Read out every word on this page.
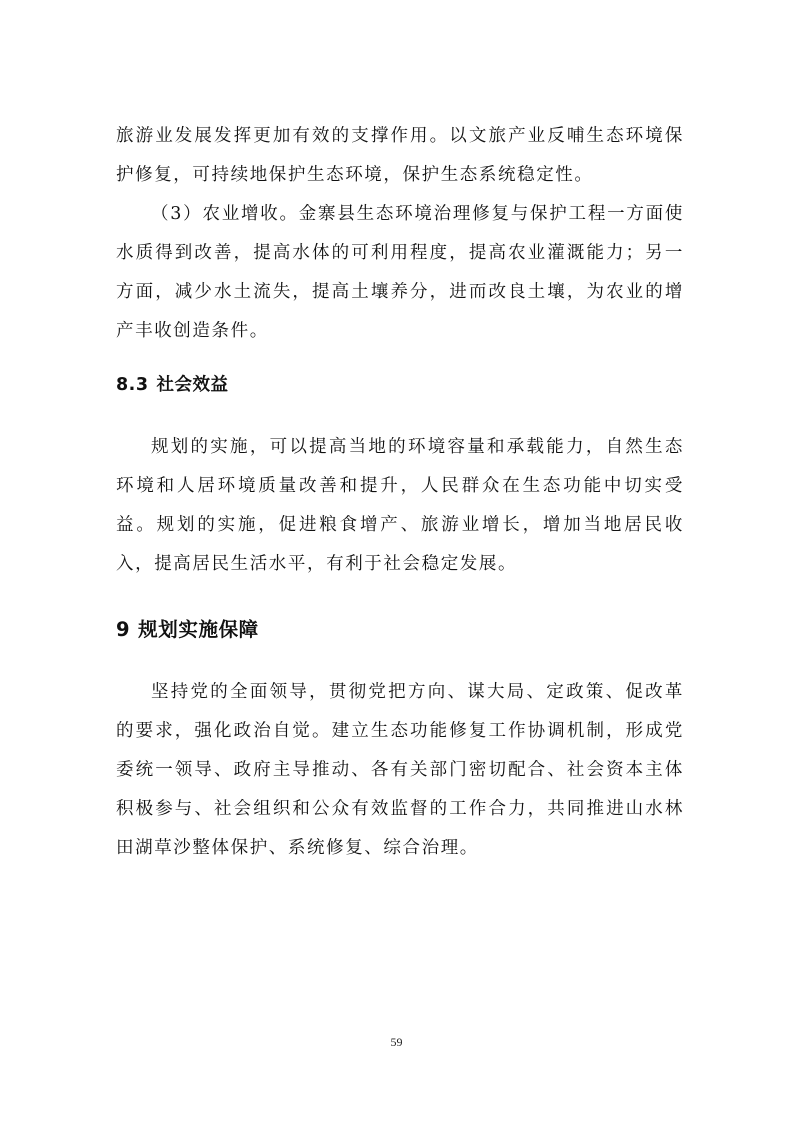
旅游业发展发挥更加有效的支撑作用。以文旅产业反哺生态环境保护修复，可持续地保护生态环境，保护生态系统稳定性。

（3）农业增收。金寨县生态环境治理修复与保护工程一方面使水质得到改善，提高水体的可利用程度，提高农业灌溉能力；另一方面，减少水土流失，提高土壤养分，进而改良土壤，为农业的增产丰收创造条件。

8.3 社会效益

规划的实施，可以提高当地的环境容量和承载能力，自然生态环境和人居环境质量改善和提升，人民群众在生态功能中切实受益。规划的实施，促进粮食增产、旅游业增长，增加当地居民收入，提高居民生活水平，有利于社会稳定发展。

9 规划实施保障

坚持党的全面领导，贯彻党把方向、谋大局、定政策、促改革的要求，强化政治自觉。建立生态功能修复工作协调机制，形成党委统一领导、政府主导推动、各有关部门密切配合、社会资本主体积极参与、社会组织和公众有效监督的工作合力，共同推进山水林田湖草沙整体保护、系统修复、综合治理。

59
